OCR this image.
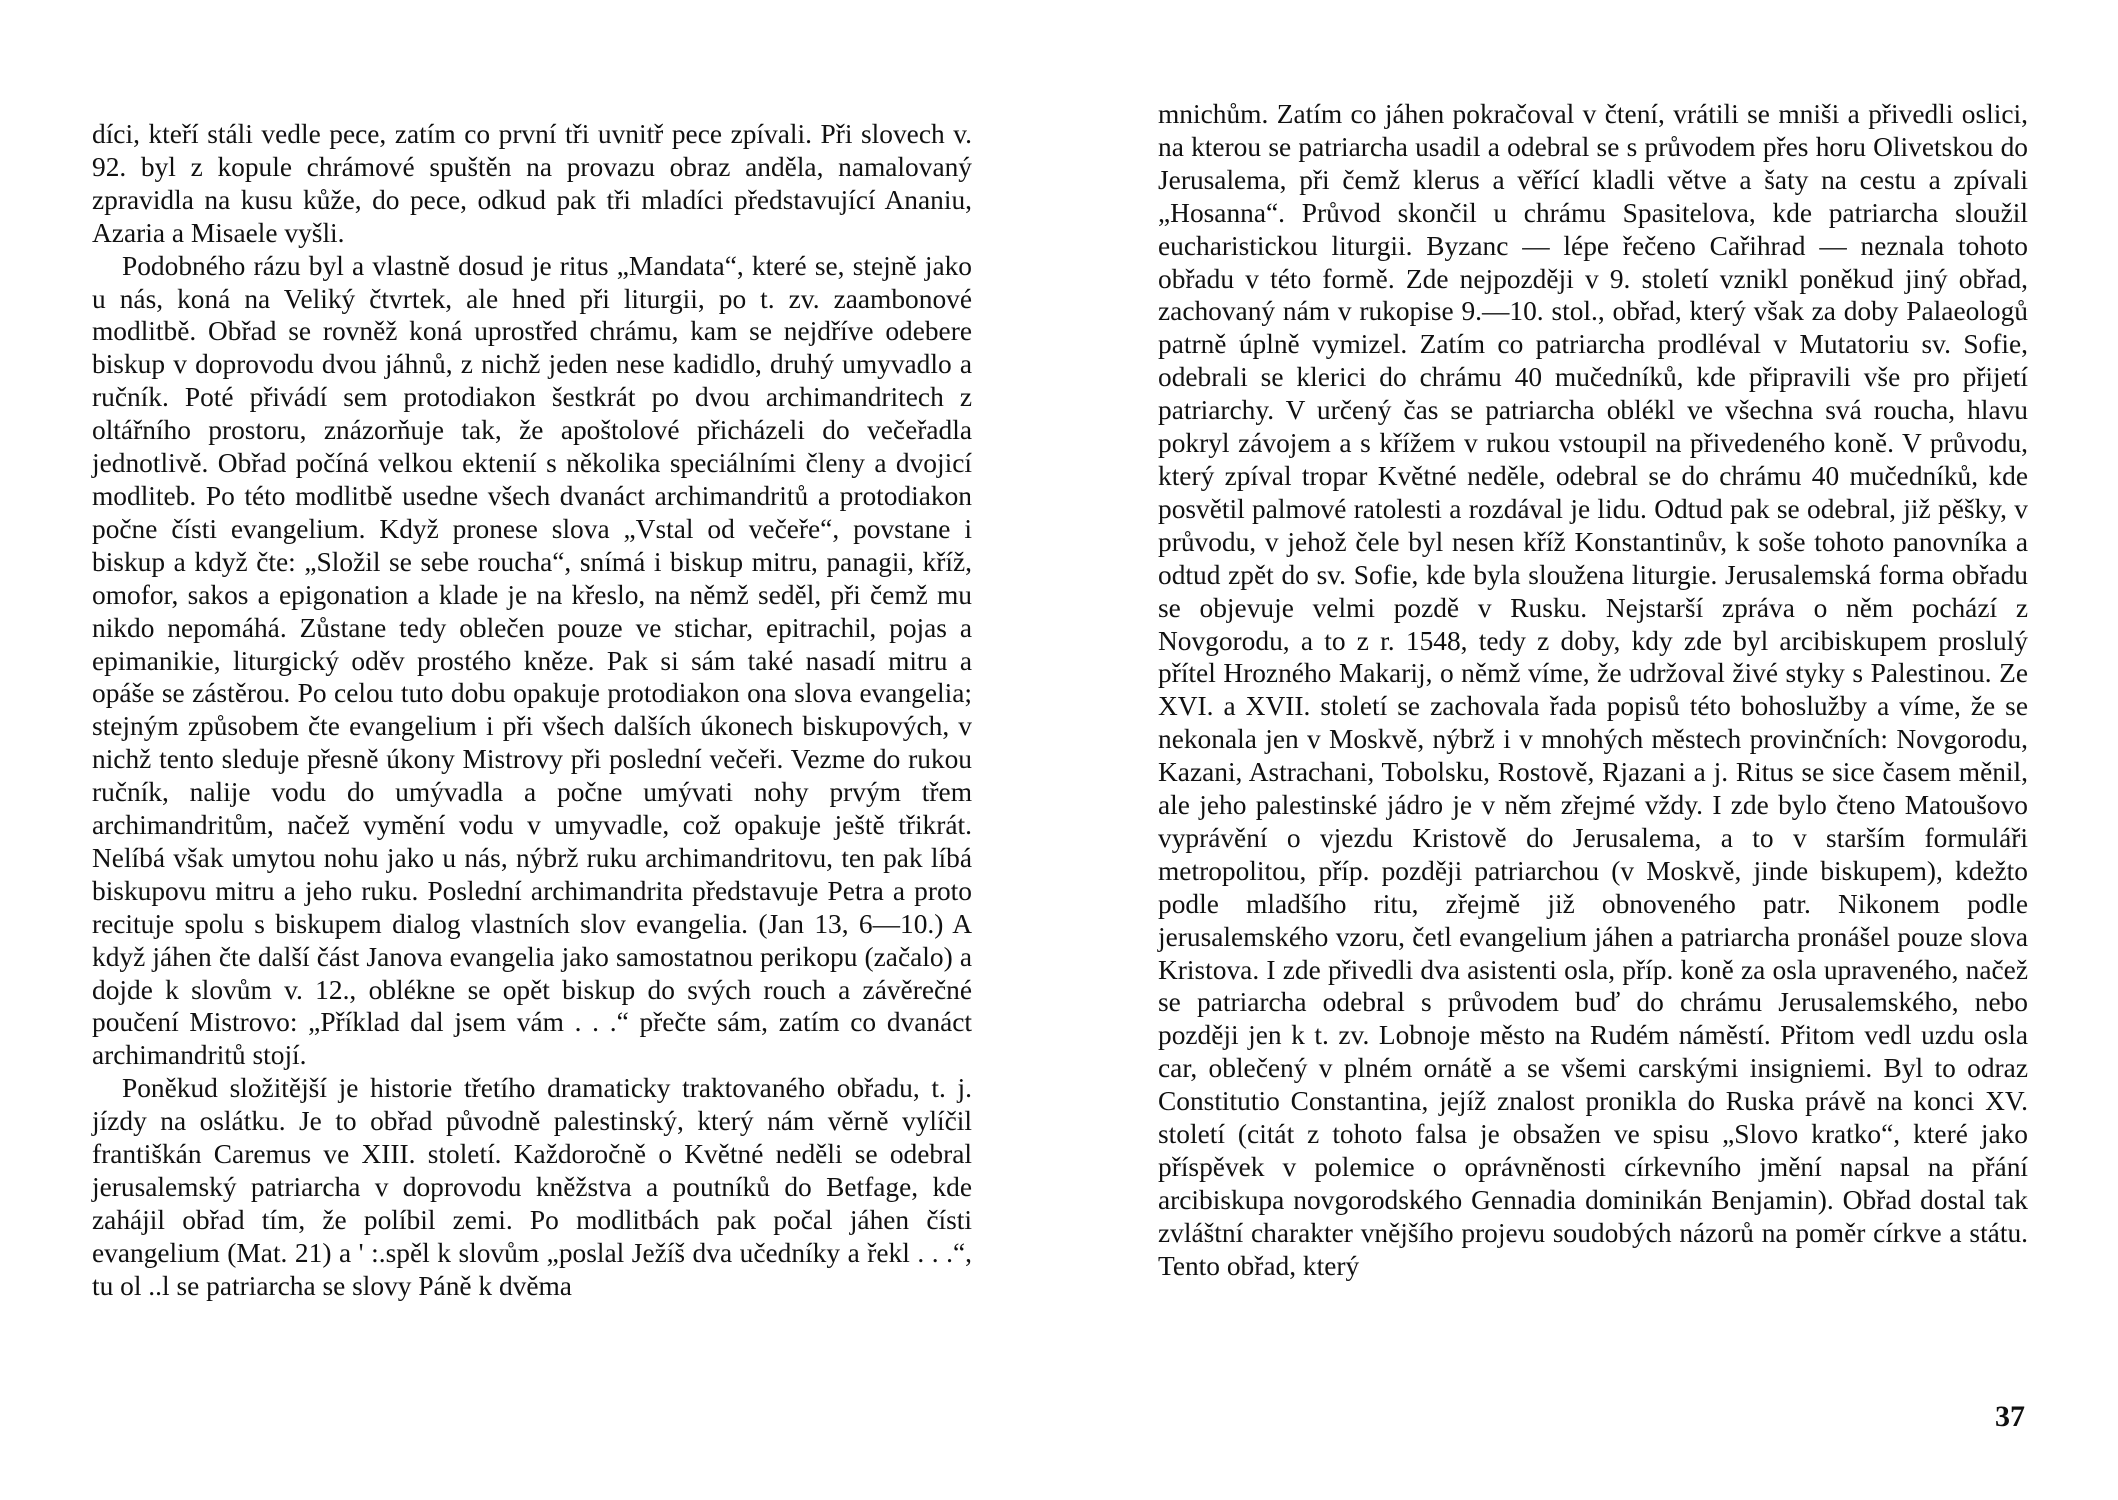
díci, kteří stáli vedle pece, zatím co první tři uvnitř pece zpívali. Při slovech v. 92. byl z kopule chrámové spuštěn na provazu obraz anděla, namalovaný zpravidla na kusu kůže, do pece, odkud pak tři mladíci představující Ananiu, Azaria a Misaele vyšli.

Podobného rázu byl a vlastně dosud je ritus „Mandata“, které se, stejně jako u nás, koná na Veliký čtvrtek, ale hned při liturgii, po t. zv. zaambonové modlitbě. Obřad se rovněž koná uprostřed chrámu, kam se nejdříve odebere biskup v doprovodu dvou jáhnů, z nichž jeden nese kadidlo, druhý umyvadlo a ručník. Poté přivádí sem protodiakon šestkrát po dvou archimandritech z oltářního prostoru, znázorňuje tak, že apoštolové přicházeli do večeřadla jednotlivě. Obřad počíná velkou ektenií s několika speciálními členy a dvojicí modliteb. Po této modlitbě usedne všech dvanáct archimandritů a protodiakon počne čísti evangelium. Když pronese slova „Vstal od večeře“, povstane i biskup a když čte: „Složil se sebe roucha“, snímá i biskup mitru, panagii, kříž, omofor, sakos a epigonation a klade je na křeslo, na němž seděl, při čemž mu nikdo nepomáhá. Zůstane tedy oblečen pouze ve stichar, epitrachil, pojas a epimanikie, liturgický oděv prostého kněze. Pak si sám také nasadí mitru a opáše se zástěrou. Po celou tuto dobu opakuje protodiakon ona slova evangelia; stejným způsobem čte evangelium i při všech dalších úkonech biskupových, v nichž tento sleduje přesně úkony Mistrovy při poslední večeři. Vezme do rukou ručník, nalije vodu do umývadla a počne umývati nohy prvým třem archimandritům, načež vymění vodu v umyvadle, což opakuje ještě třikrát. Nelíbá však umytou nohu jako u nás, nýbrž ruku archimandritovu, ten pak líbá biskupovu mitru a jeho ruku. Poslední archimandrita představuje Petra a proto recituje spolu s biskupem dialog vlastních slov evangelia. (Jan 13, 6—10.) A když jáhen čte další část Janova evangelia jako samostatnou perikopu (začalo) a dojde k slovům v. 12., oblékne se opět biskup do svých rouch a závěrečné poučení Mistrovo: „Příklad dal jsem vám . . .“ přečte sám, zatím co dvanáct archimandritů stojí.

Poněkud složitější je historie třetího dramaticky traktovaného obřadu, t. j. jízdy na oslátku. Je to obřad původně palestinský, který nám věrně vylíčil františkán Caremus ve XIII. století. Každoročně o Květné neděli se odebral jerusalemský patriarcha v doprovodu kněžstva a poutníků do Betfage, kde zahájil obřad tím, že políbil zemi. Po modlitbách pak počal jáhen čísti evangelium (Mat. 21) a ' :.spěl k slovům „poslal Ježíš dva učedníky a řekl . . .“, tu ol ..l se patriarcha se slovy Páně k dvěma

mnichům. Zatím co jáhen pokračoval v čtení, vrátili se mniši a přivedli oslici, na kterou se patriarcha usadil a odebral se s průvodem přes horu Olivetskou do Jerusalema, při čemž klerus a věřící kladli větve a šaty na cestu a zpívali „Hosanna“. Průvod skončil u chrámu Spasitelova, kde patriarcha sloužil eucharistickou liturgii. Byzanc — lépe řečeno Cařihrad — neznala tohoto obřadu v této formě. Zde nejpozději v 9. století vznikl poněkud jiný obřad, zachovaný nám v rukopise 9.—10. stol., obřad, který však za doby Palaeologů patrně úplně vymizel. Zatím co patriarcha prodléval v Mutatoriu sv. Sofie, odebrali se klerici do chrámu 40 mučedníků, kde připravili vše pro přijetí patriarchy. V určený čas se patriarcha oblékl ve všechna svá roucha, hlavu pokryl závojem a s křížem v rukou vstoupil na přivedeného koně. V průvodu, který zpíval tropar Květné neděle, odebral se do chrámu 40 mučedníků, kde posvětil palmové ratolesti a rozdával je lidu. Odtud pak se odebral, již pěšky, v průvodu, v jehož čele byl nesen kříž Konstantinův, k soše tohoto panovníka a odtud zpět do sv. Sofie, kde byla sloužena liturgie. Jerusalemská forma obřadu se objevuje velmi pozdě v Rusku. Nejstarší zpráva o něm pochází z Novgorodu, a to z r. 1548, tedy z doby, kdy zde byl arcibiskupem proslulý přítel Hrozného Makarij, o němž víme, že udržoval živé styky s Palestinou. Ze XVI. a XVII. století se zachovala řada popisů této bohoslužby a víme, že se nekonala jen v Moskvě, nýbrž i v mnohých městech provinčních: Novgorodu, Kazani, Astrachani, Tobolsku, Rostově, Rjazani a j. Ritus se sice časem měnil, ale jeho palestinské jádro je v něm zřejmé vždy. I zde bylo čteno Matoušovo vyprávění o vjezdu Kristově do Jerusalema, a to v starším formuláři metropolitou, příp. později patriarchou (v Moskvě, jinde biskupem), kdežto podle mladšího ritu, zřejmě již obnoveného patr. Nikonem podle jerusalemského vzoru, četl evangelium jáhen a patriarcha pronášel pouze slova Kristova. I zde přivedli dva asistenti osla, příp. koně za osla upraveného, načež se patriarcha odebral s průvodem buď do chrámu Jerusalemského, nebo později jen k t. zv. Lobnoje město na Rudém náměstí. Přitom vedl uzdu osla car, oblečený v plném ornátě a se všemi carskými insigniemi. Byl to odraz Constitutio Constantina, jejíž znalost pronikla do Ruska právě na konci XV. století (citát z tohoto falsa je obsažen ve spisu „Slovo kratko“, které jako příspěvek v polemice o oprávněnosti církevního jmění napsal na přání arcibiskupa novgorodského Gennadia dominikán Benjamin). Obřad dostal tak zvláštní charakter vnějšího projevu soudobých názorů na poměr církve a státu. Tento obřad, který

37
